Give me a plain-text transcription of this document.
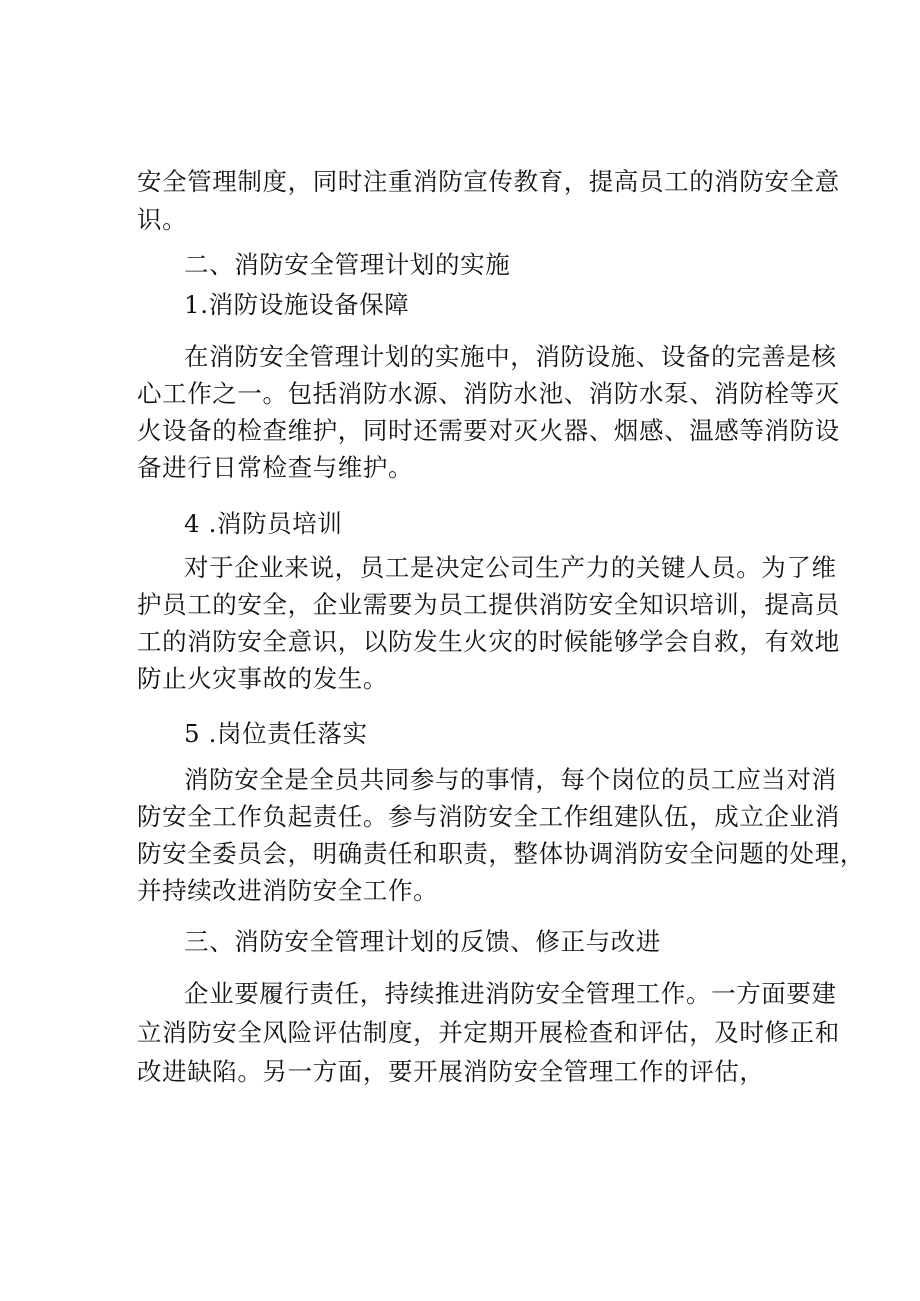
安全管理制度，同时注重消防宣传教育，提高员工的消防安全意

识。

二、消防安全管理计划的实施

1.消防设施设备保障

在消防安全管理计划的实施中，消防设施、设备的完善是核

心工作之一。包括消防水源、消防水池、消防水泵、消防栓等灭

火设备的检查维护，同时还需要对灭火器、烟感、温感等消防设

备进行日常检查与维护。

4 .消防员培训

对于企业来说，员工是决定公司生产力的关键人员。为了维

护员工的安全，企业需要为员工提供消防安全知识培训，提高员

工的消防安全意识，以防发生火灾的时候能够学会自救，有效地

防止火灾事故的发生。

5 .岗位责任落实

消防安全是全员共同参与的事情，每个岗位的员工应当对消

防安全工作负起责任。参与消防安全工作组建队伍，成立企业消

防安全委员会，明确责任和职责，整体协调消防安全问题的处理，

并持续改进消防安全工作。

三、消防安全管理计划的反馈、修正与改进

企业要履行责任，持续推进消防安全管理工作。一方面要建

立消防安全风险评估制度，并定期开展检查和评估，及时修正和

改进缺陷。另一方面，要开展消防安全管理工作的评估，
